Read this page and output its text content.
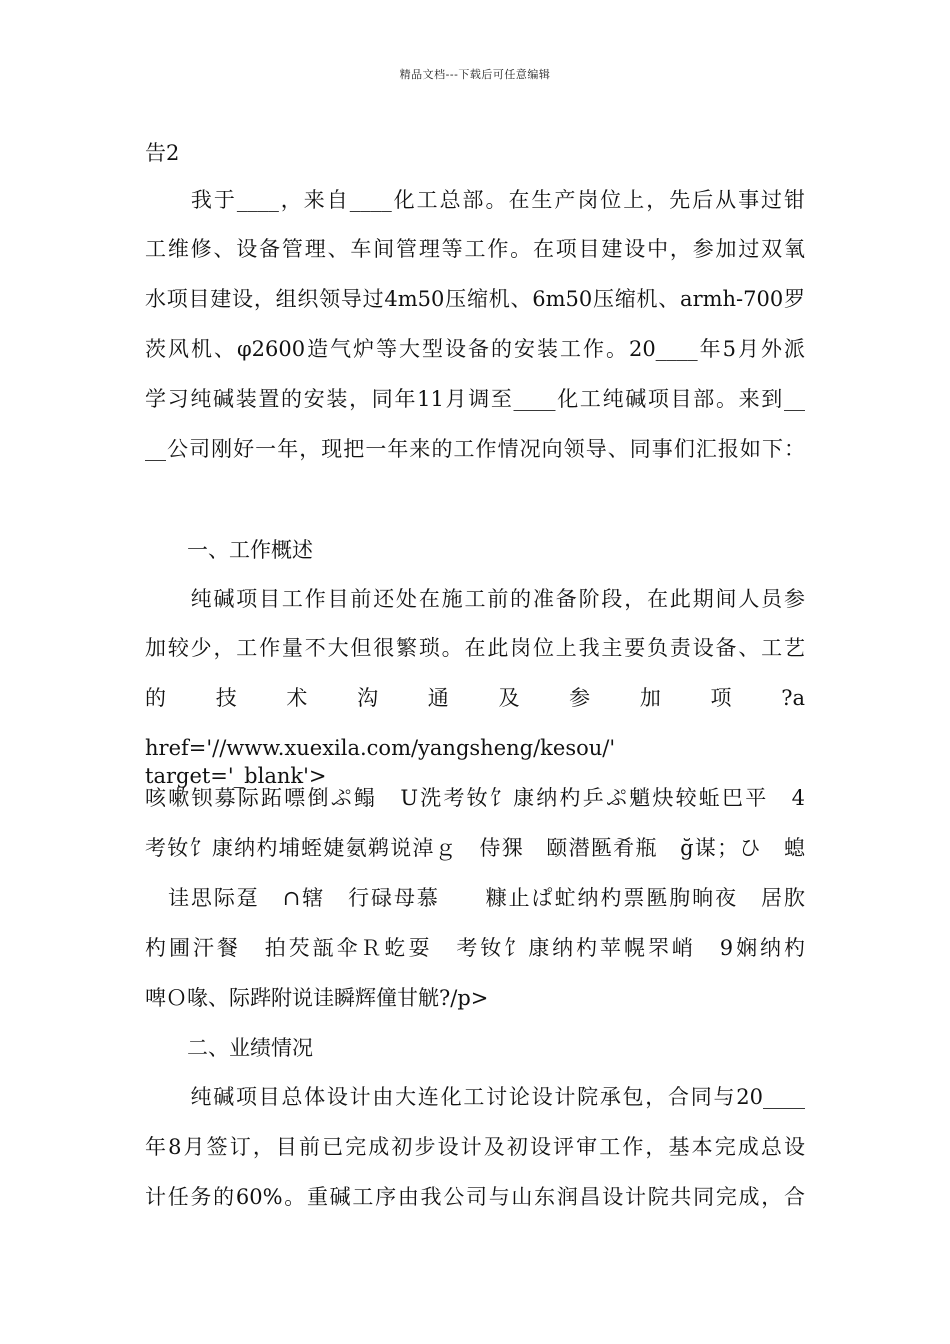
精品文档---下载后可任意编辑
告2
　　我于____，来自____化工总部。在生产岗位上，先后从事过钳
工维修、设备管理、车间管理等工作。在项目建设中，参加过双氧
水项目建设，组织领导过4m50压缩机、6m50压缩机、armh-700罗
茨风机、φ2600造气炉等大型设备的安装工作。20____年5月外派
学习纯碱装置的安装，同年11月调至____化工纯碱项目部。来到__
__公司刚好一年，现把一年来的工作情况向领导、同事们汇报如下：
　　一、工作概述
　　纯碱项目工作目前还处在施工前的准备阶段，在此期间人员参
加较少，工作量不大但很繁琐。在此岗位上我主要负责设备、工艺
的 技 术 沟 通 及 参 加 项 ?a
href='//www.xuexila.com/yangsheng/kesou/'　target='_blank'>
咳嗽钡募际跖嘌倒ぷ鳎　U洗考钕饣康纳杓乒ぷ魈炔较蚯巴平　4
考钕饣康纳杓埔蛭婕氨鹈说淖ｇ　侍猓　颐潜匦肴瓶　ğ谋；ひ　螅
　诖思际趸　∩辖　行碌母慕　　糠止ぱ虻纳杓票匦朐晌夜　居肷
杓圃汗餐　拍芡瓿伞Ｒ虼耍　考钕饣康纳杓苹幌罘峭　9娴纳杓
啤Ｏ喙、际跸附说诖瞬辉僮甘觥?/p>
　　二、业绩情况
　　纯碱项目总体设计由大连化工讨论设计院承包，合同与20____
年8月签订，目前已完成初步设计及初设评审工作，基本完成总设
计任务的60%。重碱工序由我公司与山东润昌设计院共同完成，合
